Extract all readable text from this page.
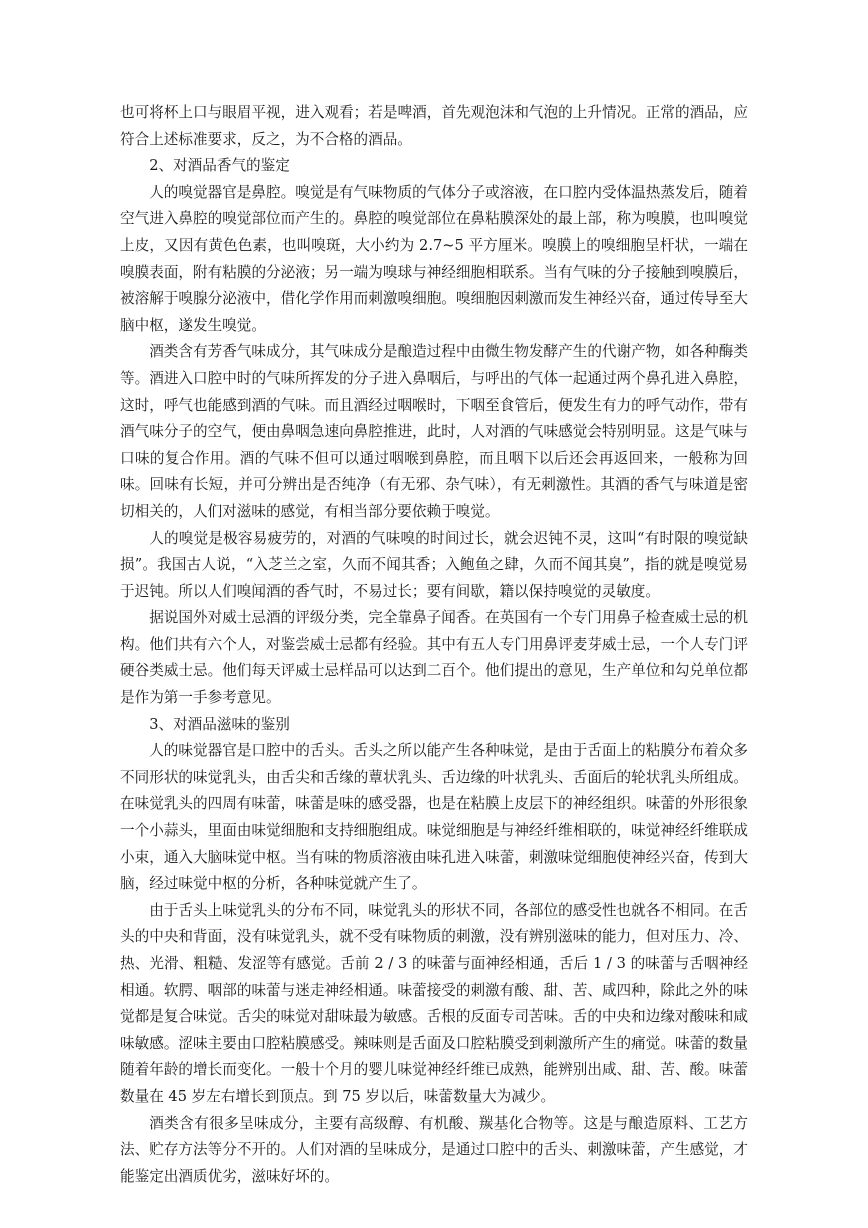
也可将杯上口与眼眉平视，进入观看；若是啤酒，首先观泡沫和气泡的上升情况。正常的酒品，应符合上述标准要求，反之，为不合格的酒品。

2、对酒品香气的鉴定

人的嗅觉器官是鼻腔。嗅觉是有气味物质的气体分子或溶液，在口腔内受体温热蒸发后，随着空气进入鼻腔的嗅觉部位而产生的。鼻腔的嗅觉部位在鼻粘膜深处的最上部，称为嗅膜，也叫嗅觉上皮，又因有黄色色素，也叫嗅斑，大小约为 2.7~5 平方厘米。嗅膜上的嗅细胞呈杆状，一端在嗅膜表面，附有粘膜的分泌液；另一端为嗅球与神经细胞相联系。当有气味的分子接触到嗅膜后，被溶解于嗅腺分泌液中，借化学作用而刺激嗅细胞。嗅细胞因刺激而发生神经兴奋，通过传导至大脑中枢，遂发生嗅觉。

酒类含有芳香气味成分，其气味成分是酿造过程中由微生物发酵产生的代谢产物，如各种酶类等。酒进入口腔中时的气味所挥发的分子进入鼻咽后，与呼出的气体一起通过两个鼻孔进入鼻腔，这时，呼气也能感到酒的气味。而且酒经过咽喉时，下咽至食管后，便发生有力的呼气动作，带有酒气味分子的空气，便由鼻咽急速向鼻腔推进，此时，人对酒的气味感觉会特别明显。这是气味与口味的复合作用。酒的气味不但可以通过咽喉到鼻腔，而且咽下以后还会再返回来，一般称为回味。回味有长短，并可分辨出是否纯净（有无邪、杂气味），有无刺激性。其酒的香气与味道是密切相关的，人们对滋味的感觉，有相当部分要依赖于嗅觉。

人的嗅觉是极容易疲劳的，对酒的气味嗅的时间过长，就会迟钝不灵，这叫“有时限的嗅觉缺损”。我国古人说，“入芝兰之室，久而不闻其香；入鲍鱼之肆，久而不闻其臭”，指的就是嗅觉易于迟钝。所以人们嗅闻酒的香气时，不易过长；要有间歇，籍以保持嗅觉的灵敏度。

据说国外对威士忌酒的评级分类，完全靠鼻子闻香。在英国有一个专门用鼻子检查威士忌的机构。他们共有六个人，对鉴尝威士忌都有经验。其中有五人专门用鼻评麦芽威士忌，一个人专门评硬谷类威士忌。他们每天评威士忌样品可以达到二百个。他们提出的意见，生产单位和勾兑单位都是作为第一手参考意见。

3、对酒品滋味的鉴别

人的味觉器官是口腔中的舌头。舌头之所以能产生各种味觉，是由于舌面上的粘膜分布着众多不同形状的味觉乳头，由舌尖和舌缘的蕈状乳头、舌边缘的叶状乳头、舌面后的轮状乳头所组成。在味觉乳头的四周有味蕾，味蕾是味的感受器，也是在粘膜上皮层下的神经组织。味蕾的外形很象一个小蒜头，里面由味觉细胞和支持细胞组成。味觉细胞是与神经纤维相联的，味觉神经纤维联成小束，通入大脑味觉中枢。当有味的物质溶液由味孔进入味蕾，刺激味觉细胞使神经兴奋，传到大脑，经过味觉中枢的分析，各种味觉就产生了。

由于舌头上味觉乳头的分布不同，味觉乳头的形状不同，各部位的感受性也就各不相同。在舌头的中央和背面，没有味觉乳头，就不受有味物质的刺激，没有辨别滋味的能力，但对压力、冷、热、光滑、粗糙、发涩等有感觉。舌前 2 / 3 的味蕾与面神经相通，舌后 1 / 3 的味蕾与舌咽神经相通。软腭、咽部的味蕾与迷走神经相通。味蕾接受的刺激有酸、甜、苦、咸四种，除此之外的味觉都是复合味觉。舌尖的味觉对甜味最为敏感。舌根的反面专司苦味。舌的中央和边缘对酸味和咸味敏感。涩味主要由口腔粘膜感受。辣味则是舌面及口腔粘膜受到刺激所产生的痛觉。味蕾的数量随着年龄的增长而变化。一般十个月的婴儿味觉神经纤维已成熟，能辨别出咸、甜、苦、酸。味蕾数量在 45 岁左右增长到顶点。到 75 岁以后，味蕾数量大为减少。

酒类含有很多呈味成分，主要有高级醇、有机酸、羰基化合物等。这是与酿造原料、工艺方法、贮存方法等分不开的。人们对酒的呈味成分，是通过口腔中的舌头、刺激味蕾，产生感觉，才能鉴定出酒质优劣，滋味好坏的。
